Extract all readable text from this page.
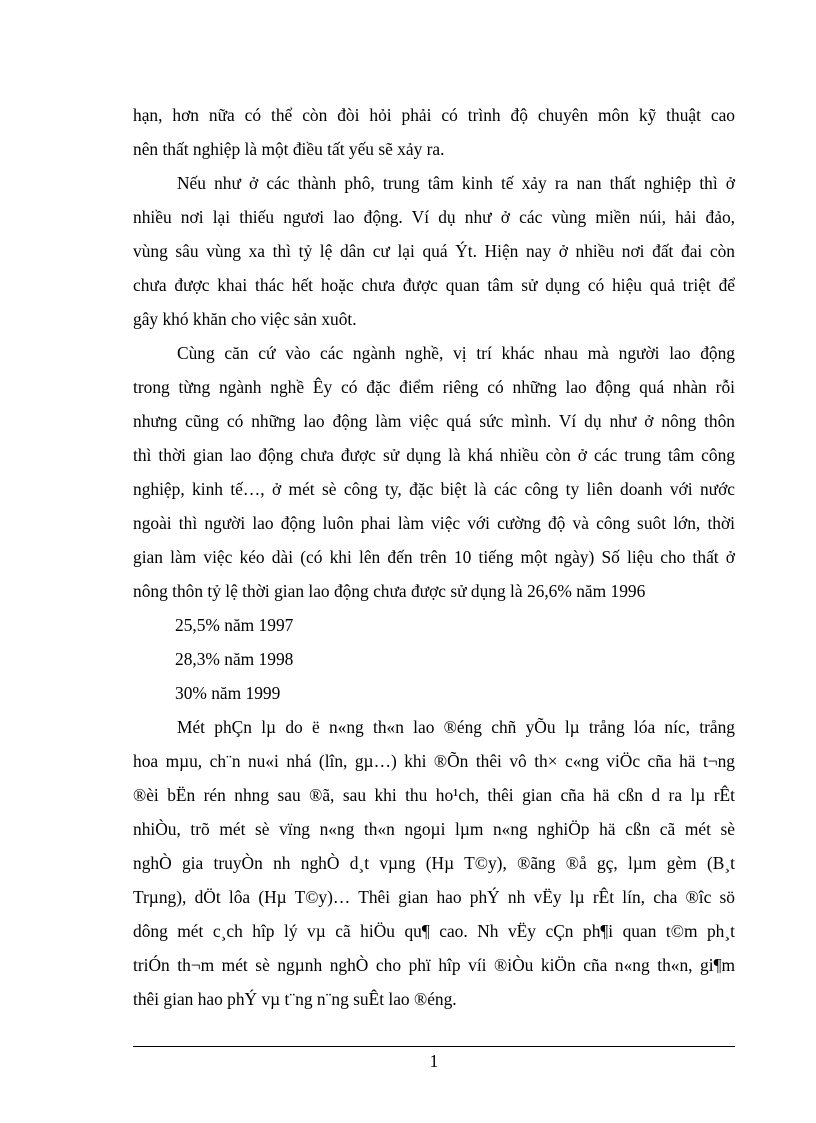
hạn, hơn nữa có thể còn đòi hỏi phải có trình độ chuyên môn kỹ thuật cao
nên thất nghiệp là một điều tất yếu sẽ xảy ra.
Nếu như ở các thành phô, trung tâm kinh tế xảy ra nan thất nghiệp thì ở
nhiều nơi lại thiếu ngươi lao động. Ví dụ như ở các vùng miền núi, hải đảo,
vùng sâu vùng xa thì tỷ lệ dân cư lại quá Ýt. Hiện nay ở nhiều nơi đất đai còn
chưa được khai thác hết hoặc chưa được quan tâm sử dụng có hiệu quả triệt để
gây khó khăn cho việc sản xuôt.
Cùng căn cứ vào các ngành nghề, vị trí khác nhau mà người lao động
trong từng ngành nghề Êy có đặc điểm riêng có những lao động quá nhàn rỗi
nhưng cũng có những lao động làm việc quá sức mình. Ví dụ như ở nông thôn
thì thời gian lao động chưa được sử dụng là khá nhiều còn ở các trung tâm công
nghiệp, kinh tế…, ở mét sè công ty, đặc biệt là các công ty liên doanh với nước
ngoài thì người lao động luôn phai làm việc với cường độ và công suôt lớn, thời
gian làm việc kéo dài (có khi lên đến trên 10 tiếng một ngày) Số liệu cho thất ở
nông thôn tỷ lệ thời gian lao động chưa được sử dụng là 26,6% năm 1996
25,5% năm 1997
28,3% năm 1998
30% năm 1999
Mét phÇn lµ do ë n«ng th«n lao ®éng chñ yÕu lµ trång lóa níc, trång
hoa mµu, ch¨n nu«i nhá (lîn, gµ…) khi ®Õn thêi vô th× c«ng viÖc cña hä t¬ng
®èi bËn rén nhng sau ®ã, sau khi thu ho¹ch, thêi gian cña hä cßn d ra lµ rÊt
nhiÒu, trõ mét sè vïng n«ng th«n ngoµi lµm n«ng nghiÖp hä cßn cã mét sè
nghÒ gia truyÒn nh nghÒ d¸t vµng (Hµ T©y), ®ãng ®å gç, lµm gèm (B¸t
Trµng), dÖt lôa (Hµ T©y)… Thêi gian hao phÝ nh vËy lµ rÊt lín, cha ®îc sö
dông mét c¸ch hîp lý vµ cã hiÖu qu¶ cao. Nh vËy cÇn ph¶i quan t©m ph¸t
triÓn th¬m mét sè ngµnh nghÒ cho phï hîp víi ®iÒu kiÖn cña n«ng th«n, gi¶m
thêi gian hao phÝ vµ t¨ng n¨ng suÊt lao ®éng.
1
